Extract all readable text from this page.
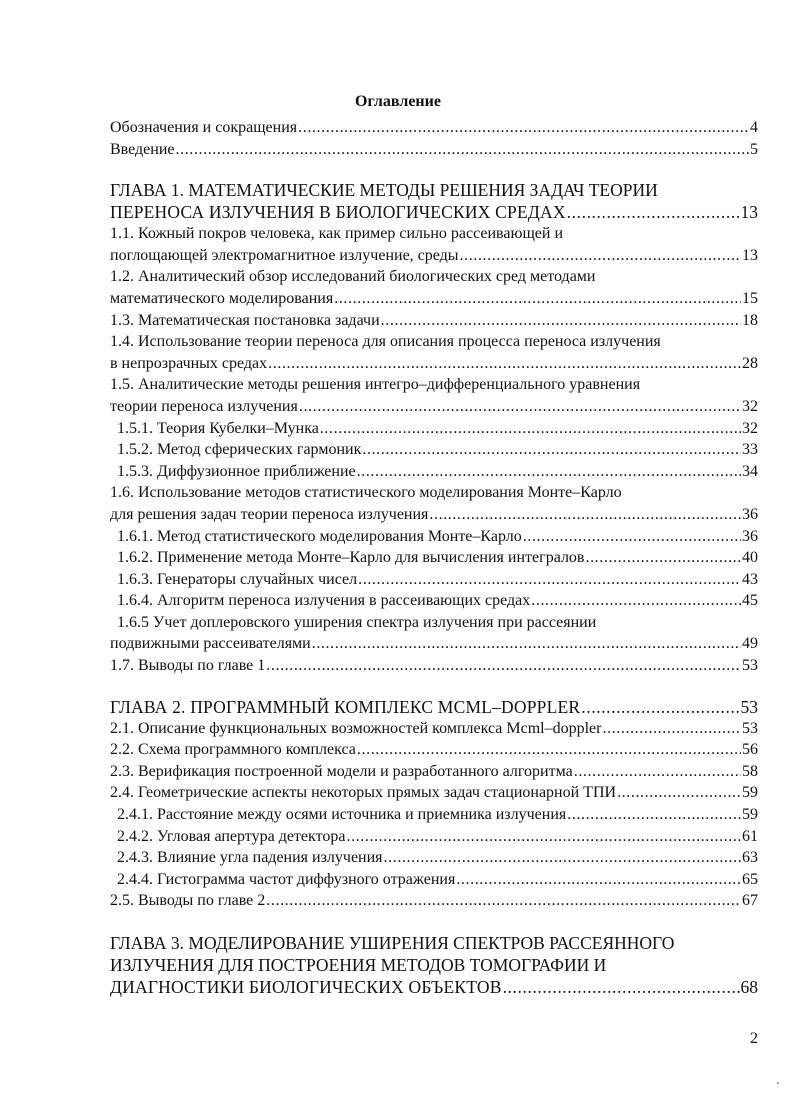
Оглавление
Обозначения и сокращения .....	4
Введение .....	5
ГЛАВА 1. МАТЕМАТИЧЕСКИЕ МЕТОДЫ РЕШЕНИЯ ЗАДАЧ ТЕОРИИ
ПЕРЕНОСА ИЗЛУЧЕНИЯ В БИОЛОГИЧЕСКИХ СРЕДАХ .....	13
1.1. Кожный покров человека, как пример сильно рассеивающей и
поглощающей электромагнитное излучение, среды .....	13
1.2. Аналитический обзор исследований биологических сред методами
математического моделирования .....	15
1.3. Математическая постановка задачи .....	18
1.4. Использование теории переноса для описания процесса переноса излучения
в непрозрачных средах .....	28
1.5. Аналитические методы решения интегро–дифференциального уравнения
теории переноса излучения .....	32
1.5.1. Теория Кубелки–Мунка .....	32
1.5.2. Метод сферических гармоник .....	33
1.5.3. Диффузионное приближение .....	34
1.6. Использование методов статистического моделирования Монте–Карло
для решения задач теории переноса излучения .....	36
1.6.1. Метод статистического моделирования Монте–Карло .....	36
1.6.2. Применение метода Монте–Карло для вычисления интегралов .....	40
1.6.3. Генераторы случайных чисел .....	43
1.6.4. Алгоритм переноса излучения в рассеивающих средах .....	45
1.6.5 Учет доплеровского уширения спектра излучения при рассеянии
подвижными рассеивателями .....	49
1.7. Выводы по главе 1 .....	53
ГЛАВА 2. ПРОГРАММНЫЙ КОМПЛЕКС MCML–DOPPLER .....	53
2.1. Описание функциональных возможностей комплекса Mcml–doppler .....	53
2.2. Схема программного комплекса .....	56
2.3. Верификация построенной модели и разработанного алгоритма .....	58
2.4. Геометрические аспекты некоторых прямых задач стационарной ТПИ .....	59
2.4.1. Расстояние между осями источника и приемника излучения .....	59
2.4.2. Угловая апертура детектора .....	61
2.4.3. Влияние угла падения излучения .....	63
2.4.4. Гистограмма частот диффузного отражения .....	65
2.5. Выводы по главе 2 .....	67
ГЛАВА 3. МОДЕЛИРОВАНИЕ УШИРЕНИЯ СПЕКТРОВ РАССЕЯННОГО
ИЗЛУЧЕНИЯ ДЛЯ ПОСТРОЕНИЯ МЕТОДОВ ТОМОГРАФИИ И
ДИАГНОСТИКИ БИОЛОГИЧЕСКИХ ОБЪЕКТОВ .....	68
2
